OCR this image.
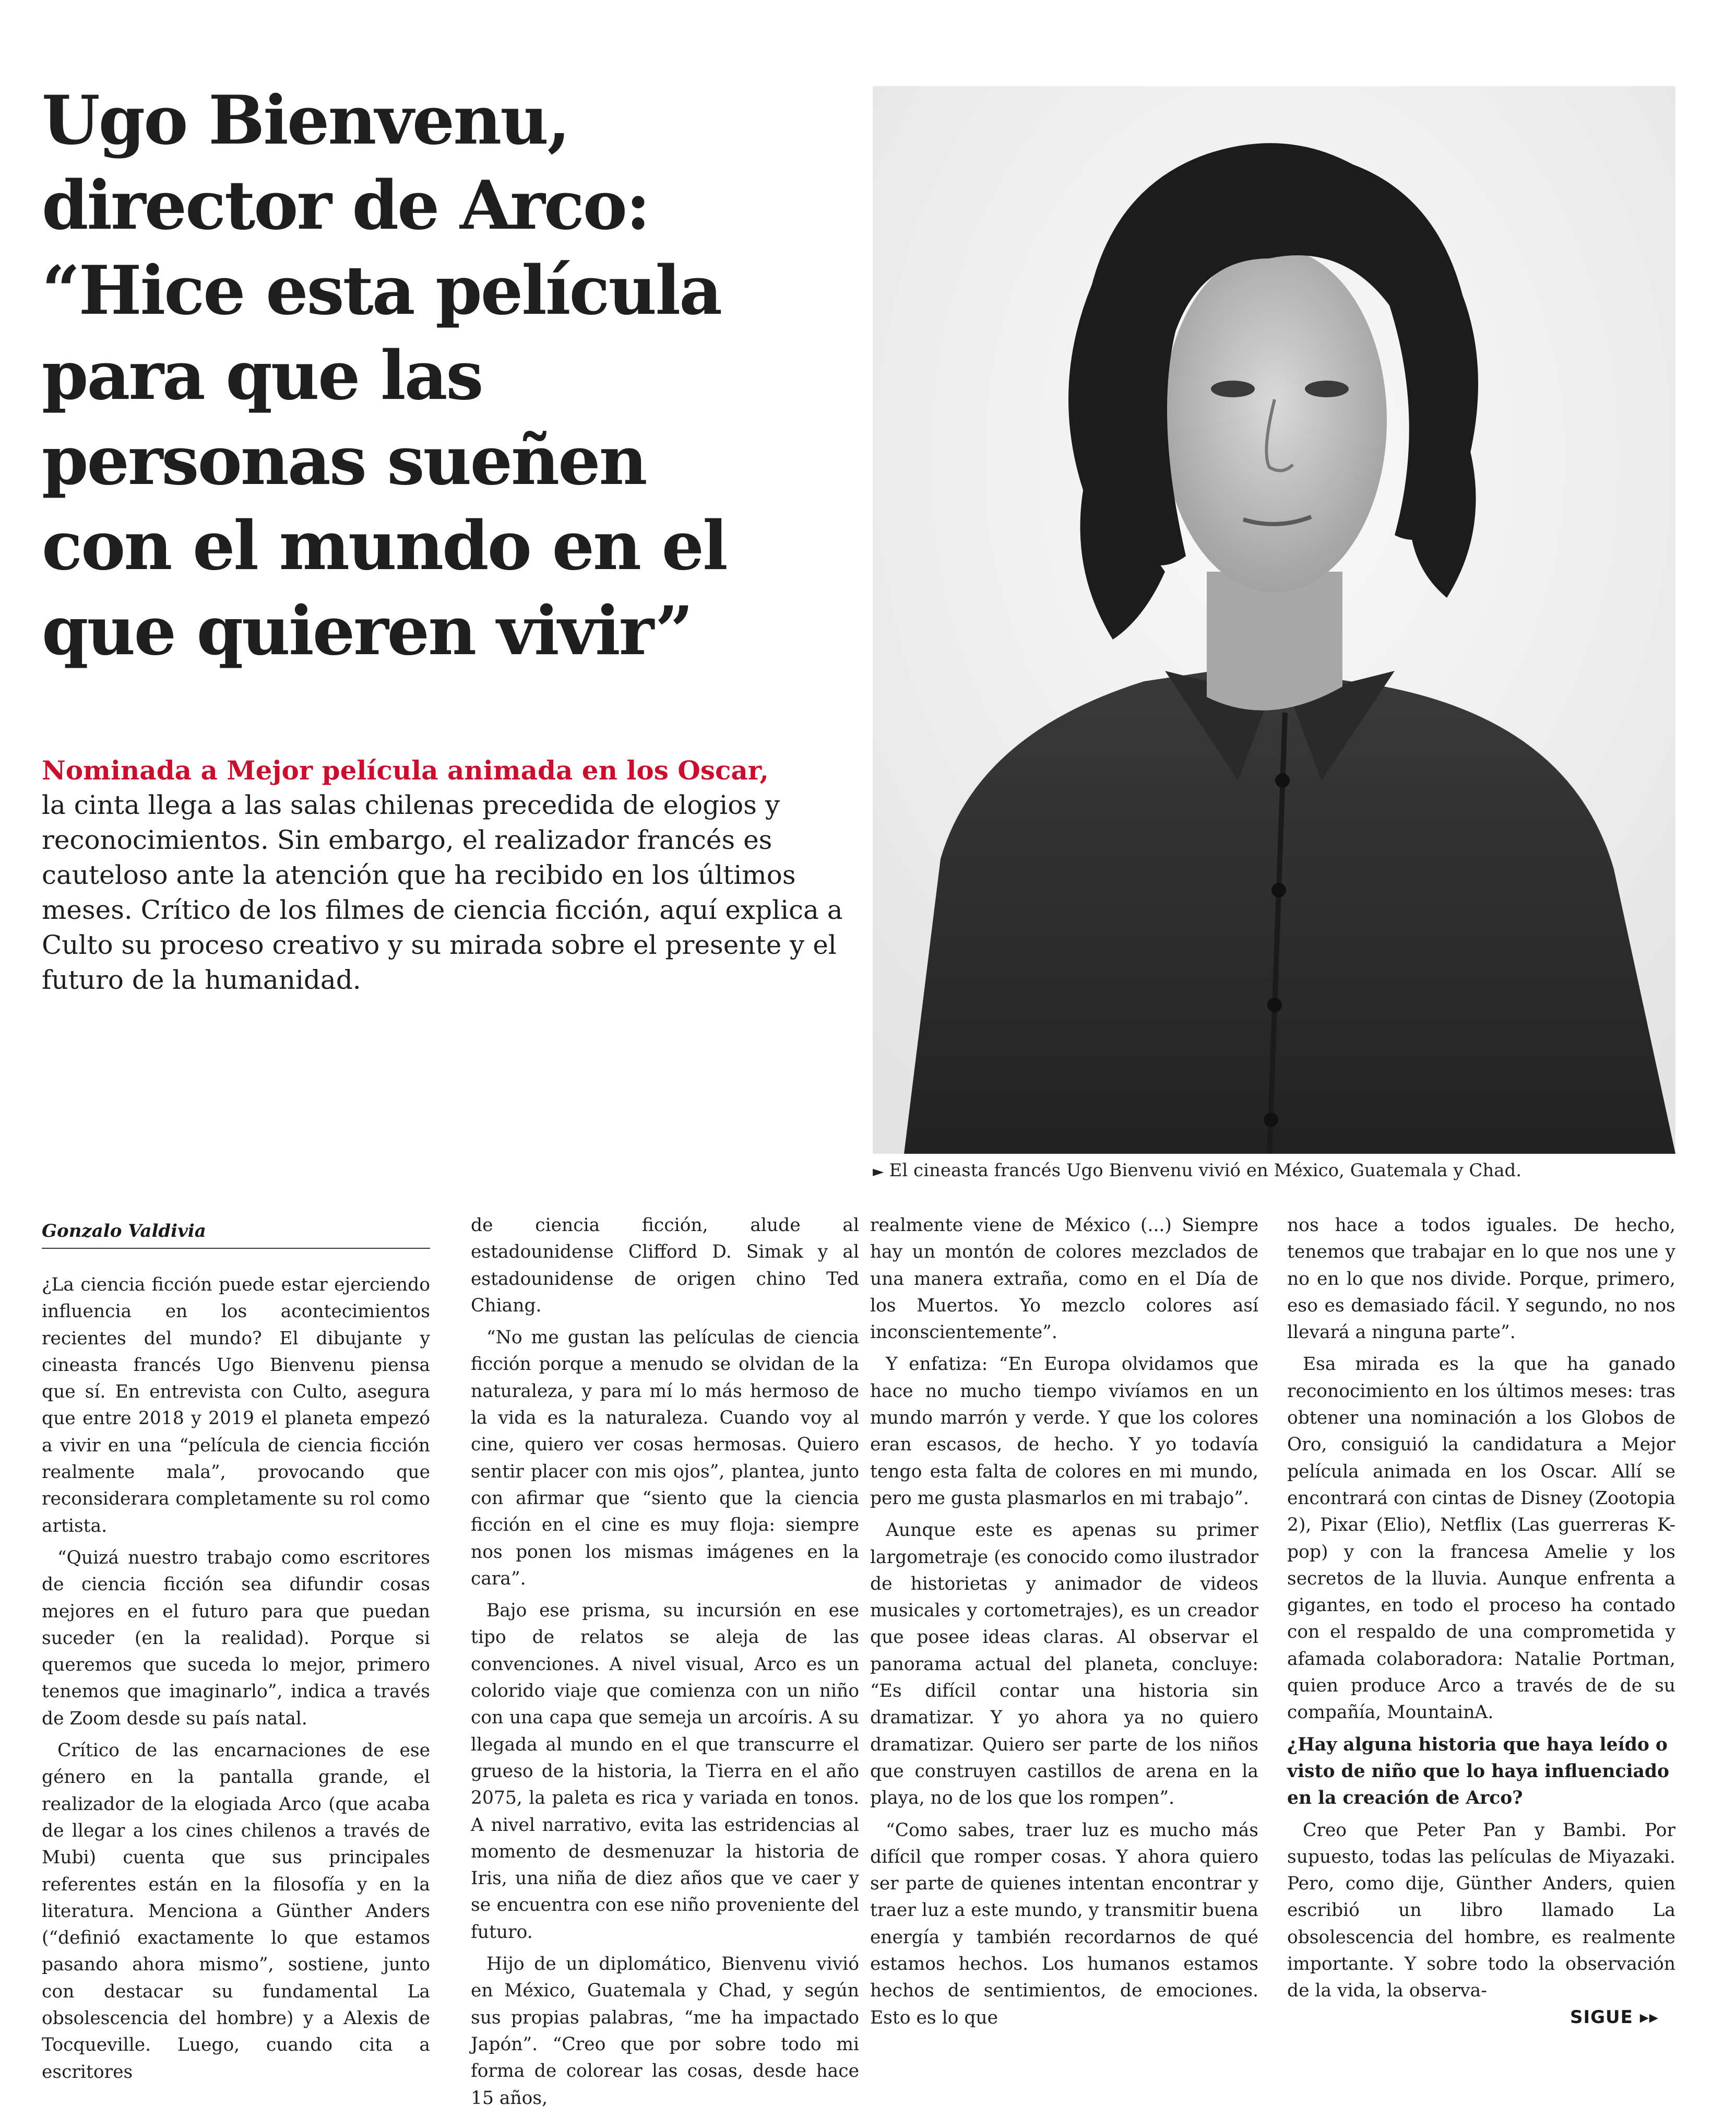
Ugo Bienvenu,
director de Arco:
“Hice esta película
para que las
personas sueñen
con el mundo en el
que quieren vivir”
Nominada a Mejor película animada en los Oscar,
la cinta llega a las salas chilenas precedida de elogios y
reconocimientos. Sin embargo, el realizador francés es
cauteloso ante la atención que ha recibido en los últimos
meses. Crítico de los filmes de ciencia ficción, aquí explica a
Culto su proceso creativo y su mirada sobre el presente y el
futuro de la humanidad.
► El cineasta francés Ugo Bienvenu vivió en México, Guatemala y Chad.
Gonzalo Valdivia

¿La ciencia ficción puede estar ejerciendo influencia en los acontecimientos recientes del mundo? El dibujante y cineasta francés Ugo Bienvenu piensa que sí. En entrevista con Culto, asegura que entre 2018 y 2019 el planeta empezó a vivir en una “película de ciencia ficción realmente mala”, provocando que reconsiderara completamente su rol como artista.

“Quizá nuestro trabajo como escritores de ciencia ficción sea difundir cosas mejores en el futuro para que puedan suceder (en la realidad). Porque si queremos que suceda lo mejor, primero tenemos que imaginarlo”, indica a través de Zoom desde su país natal.

Crítico de las encarnaciones de ese género en la pantalla grande, el realizador de la elogiada Arco (que acaba de llegar a los cines chilenos a través de Mubi) cuenta que sus principales referentes están en la filosofía y en la literatura. Menciona a Günther Anders (“definió exactamente lo que estamos pasando ahora mismo”, sostiene, junto con destacar su fundamental La obsolescencia del hombre) y a Alexis de Tocqueville. Luego, cuando cita a escritores

de ciencia ficción, alude al estadounidense Clifford D. Simak y al estadounidense de origen chino Ted Chiang.

“No me gustan las películas de ciencia ficción porque a menudo se olvidan de la naturaleza, y para mí lo más hermoso de la vida es la naturaleza. Cuando voy al cine, quiero ver cosas hermosas. Quiero sentir placer con mis ojos”, plantea, junto con afirmar que “siento que la ciencia ficción en el cine es muy floja: siempre nos ponen los mismas imágenes en la cara”.

Bajo ese prisma, su incursión en ese tipo de relatos se aleja de las convenciones. A nivel visual, Arco es un colorido viaje que comienza con un niño con una capa que semeja un arcoíris. A su llegada al mundo en el que transcurre el grueso de la historia, la Tierra en el año 2075, la paleta es rica y variada en tonos. A nivel narrativo, evita las estridencias al momento de desmenuzar la historia de Iris, una niña de diez años que ve caer y se encuentra con ese niño proveniente del futuro.

Hijo de un diplomático, Bienvenu vivió en México, Guatemala y Chad, y según sus propias palabras, “me ha impactado Japón”. “Creo que por sobre todo mi forma de colorear las cosas, desde hace 15 años,

realmente viene de México (...) Siempre hay un montón de colores mezclados de una manera extraña, como en el Día de los Muertos. Yo mezclo colores así inconscientemente”.

Y enfatiza: “En Europa olvidamos que hace no mucho tiempo vivíamos en un mundo marrón y verde. Y que los colores eran escasos, de hecho. Y yo todavía tengo esta falta de colores en mi mundo, pero me gusta plasmarlos en mi trabajo”.

Aunque este es apenas su primer largometraje (es conocido como ilustrador de historietas y animador de videos musicales y cortometrajes), es un creador que posee ideas claras. Al observar el panorama actual del planeta, concluye: “Es difícil contar una historia sin dramatizar. Y yo ahora ya no quiero dramatizar. Quiero ser parte de los niños que construyen castillos de arena en la playa, no de los que los rompen”.

“Como sabes, traer luz es mucho más difícil que romper cosas. Y ahora quiero ser parte de quienes intentan encontrar y traer luz a este mundo, y transmitir buena energía y también recordarnos de qué estamos hechos. Los humanos estamos hechos de sentimientos, de emociones. Esto es lo que

nos hace a todos iguales. De hecho, tenemos que trabajar en lo que nos une y no en lo que nos divide. Porque, primero, eso es demasiado fácil. Y segundo, no nos llevará a ninguna parte”.

Esa mirada es la que ha ganado reconocimiento en los últimos meses: tras obtener una nominación a los Globos de Oro, consiguió la candidatura a Mejor película animada en los Oscar. Allí se encontrará con cintas de Disney (Zootopia 2), Pixar (Elio), Netflix (Las guerreras K-pop) y con la francesa Amelie y los secretos de la lluvia. Aunque enfrenta a gigantes, en todo el proceso ha contado con el respaldo de una comprometida y afamada colaboradora: Natalie Portman, quien produce Arco a través de de su compañía, MountainA.

¿Hay alguna historia que haya leído o visto de niño que lo haya influenciado en la creación de Arco?

Creo que Peter Pan y Bambi. Por supuesto, todas las películas de Miyazaki. Pero, como dije, Günther Anders, quien escribió un libro llamado La obsolescencia del hombre, es realmente importante. Y sobre todo la observación de la vida, la observa-

SIGUE ▸▸
